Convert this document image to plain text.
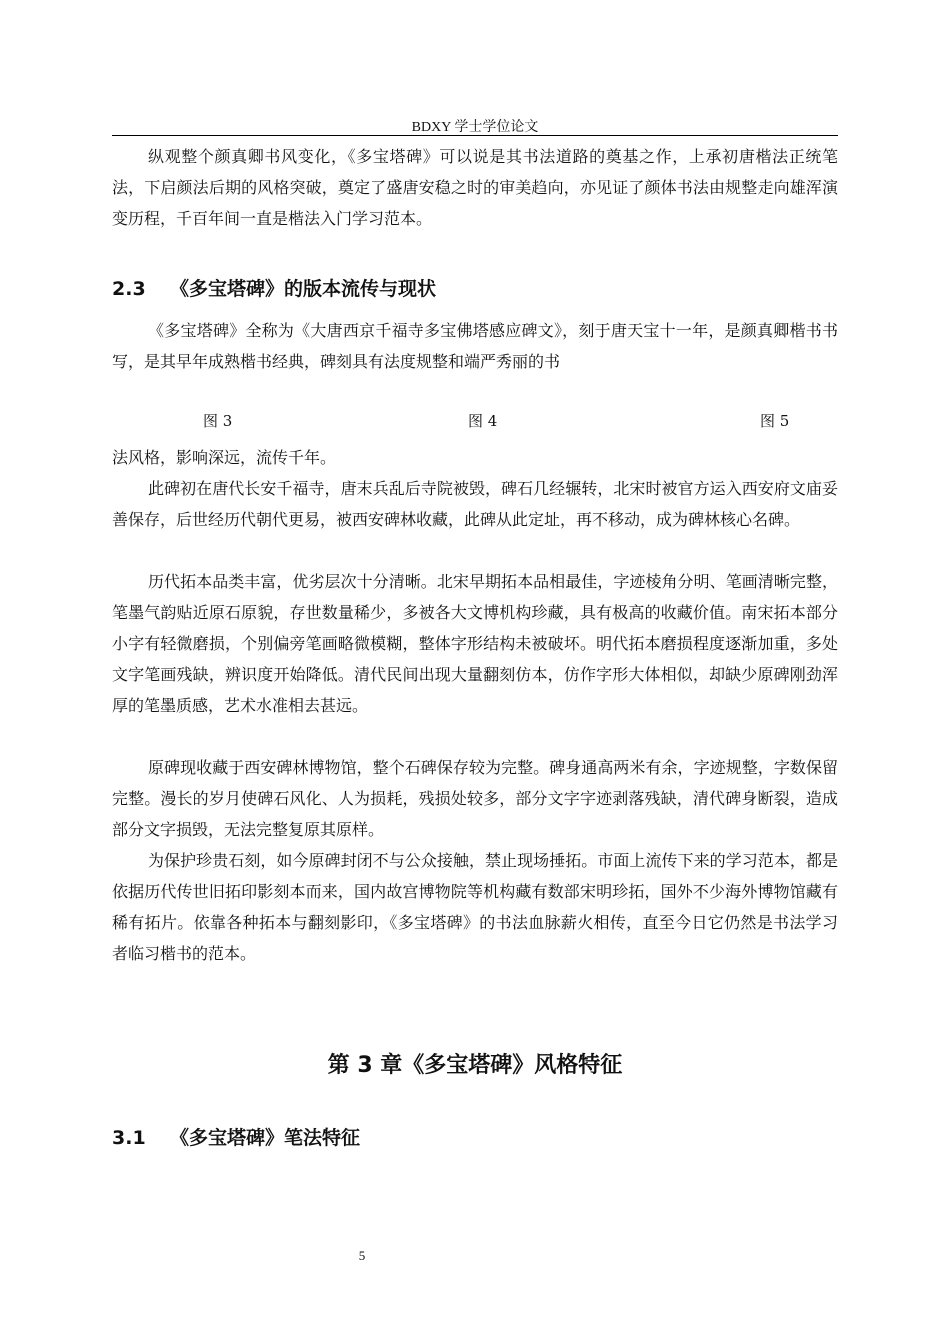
BDXY 学士学位论文

纵观整个颜真卿书风变化，《多宝塔碑》可以说是其书法道路的奠基之作，上承初唐楷法正统笔法，下启颜法后期的风格突破，奠定了盛唐安稳之时的审美趋向，亦见证了颜体书法由规整走向雄浑演变历程，千百年间一直是楷法入门学习范本。

2.3 《多宝塔碑》的版本流传与现状

《多宝塔碑》全称为《大唐西京千福寺多宝佛塔感应碑文》，刻于唐天宝十一年，是颜真卿楷书书写，是其早年成熟楷书经典，碑刻具有法度规整和端严秀丽的书

图 3	图 4	图 5

法风格，影响深远，流传千年。

此碑初在唐代长安千福寺，唐末兵乱后寺院被毁，碑石几经辗转，北宋时被官方运入西安府文庙妥善保存，后世经历代朝代更易，被西安碑林收藏，此碑从此定址，再不移动，成为碑林核心名碑。

历代拓本品类丰富，优劣层次十分清晰。北宋早期拓本品相最佳，字迹棱角分明、笔画清晰完整，笔墨气韵贴近原石原貌，存世数量稀少，多被各大文博机构珍藏，具有极高的收藏价值。南宋拓本部分小字有轻微磨损，个别偏旁笔画略微模糊，整体字形结构未被破坏。明代拓本磨损程度逐渐加重，多处文字笔画残缺，辨识度开始降低。清代民间出现大量翻刻仿本，仿作字形大体相似，却缺少原碑刚劲浑厚的笔墨质感，艺术水准相去甚远。

原碑现收藏于西安碑林博物馆，整个石碑保存较为完整。碑身通高两米有余，字迹规整，字数保留完整。漫长的岁月使碑石风化、人为损耗，残损处较多，部分文字字迹剥落残缺，清代碑身断裂，造成部分文字损毁，无法完整复原其原样。

为保护珍贵石刻，如今原碑封闭不与公众接触，禁止现场捶拓。市面上流传下来的学习范本，都是依据历代传世旧拓印影刻本而来，国内故宫博物院等机构藏有数部宋明珍拓，国外不少海外博物馆藏有稀有拓片。依靠各种拓本与翻刻影印，《多宝塔碑》的书法血脉薪火相传，直至今日它仍然是书法学习者临习楷书的范本。

第 3 章《多宝塔碑》风格特征
3.1 《多宝塔碑》笔法特征
5
